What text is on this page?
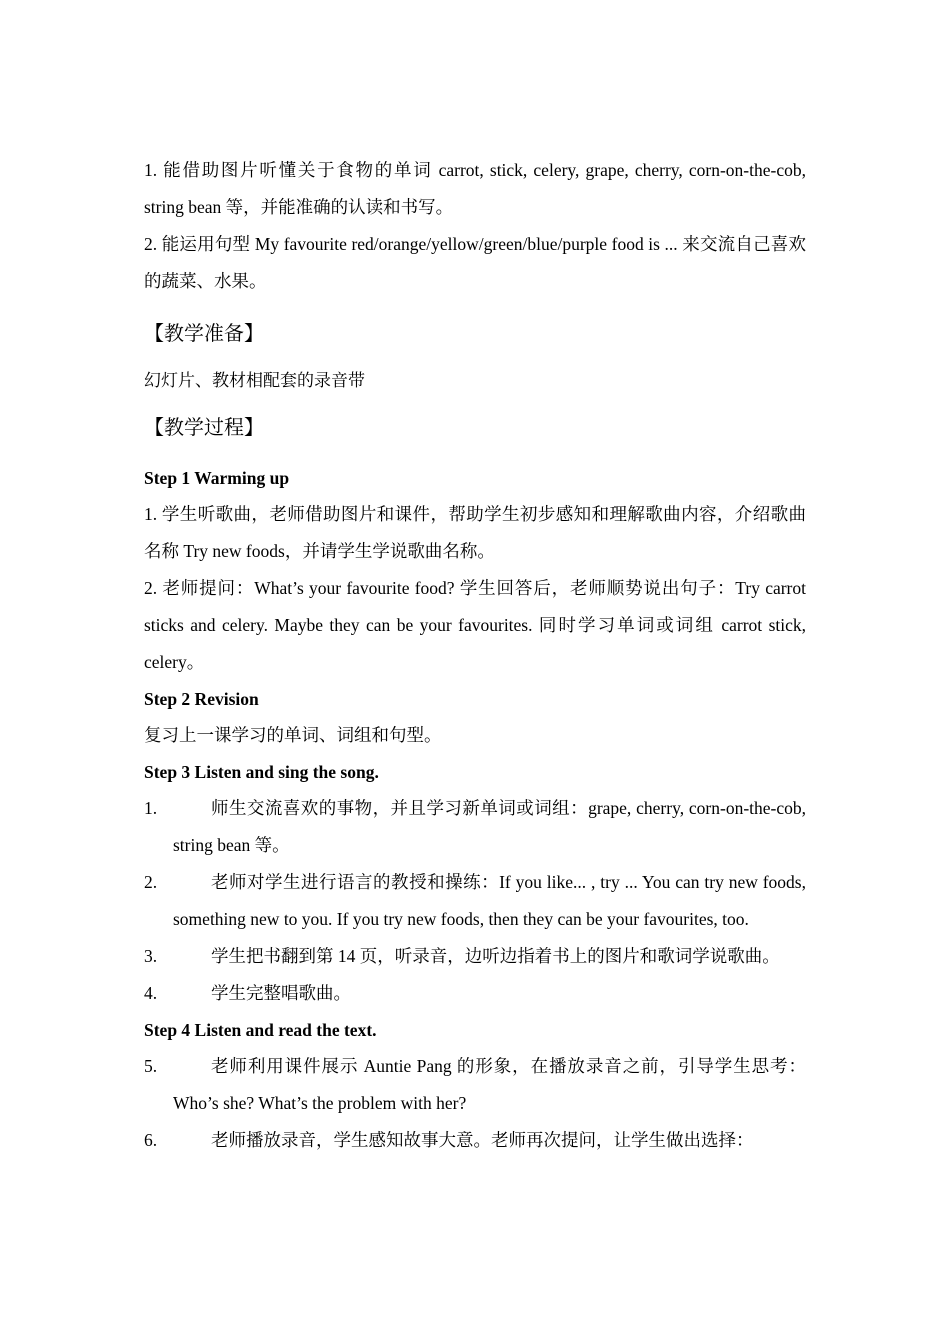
1. 能借助图片听懂关于食物的单词 carrot, stick, celery, grape, cherry, corn-on-the-cob, string bean 等，并能准确的认读和书写。

2. 能运用句型 My favourite red/orange/yellow/green/blue/purple food is ... 来交流自己喜欢的蔬菜、水果。

【教学准备】

幻灯片、教材相配套的录音带

【教学过程】

Step 1 Warming up

1. 学生听歌曲，老师借助图片和课件，帮助学生初步感知和理解歌曲内容，介绍歌曲名称 Try new foods，并请学生学说歌曲名称。

2. 老师提问：What’s your favourite food? 学生回答后，老师顺势说出句子：Try carrot sticks and celery. Maybe they can be your favourites. 同时学习单词或词组 carrot stick, celery。

Step 2 Revision

复习上一课学习的单词、词组和句型。

Step 3 Listen and sing the song.

1.	师生交流喜欢的事物，并且学习新单词或词组：grape, cherry, corn-on-the-cob, string bean 等。

2.	老师对学生进行语言的教授和操练：If you like... , try ... You can try new foods, something new to you. If you try new foods, then they can be your favourites, too.

3.	学生把书翻到第 14 页，听录音，边听边指着书上的图片和歌词学说歌曲。

4.	学生完整唱歌曲。

Step 4 Listen and read the text.

5.	老师利用课件展示 Auntie Pang 的形象，在播放录音之前，引导学生思考：Who’s she? What’s the problem with her?

6.	老师播放录音，学生感知故事大意。老师再次提问，让学生做出选择：
